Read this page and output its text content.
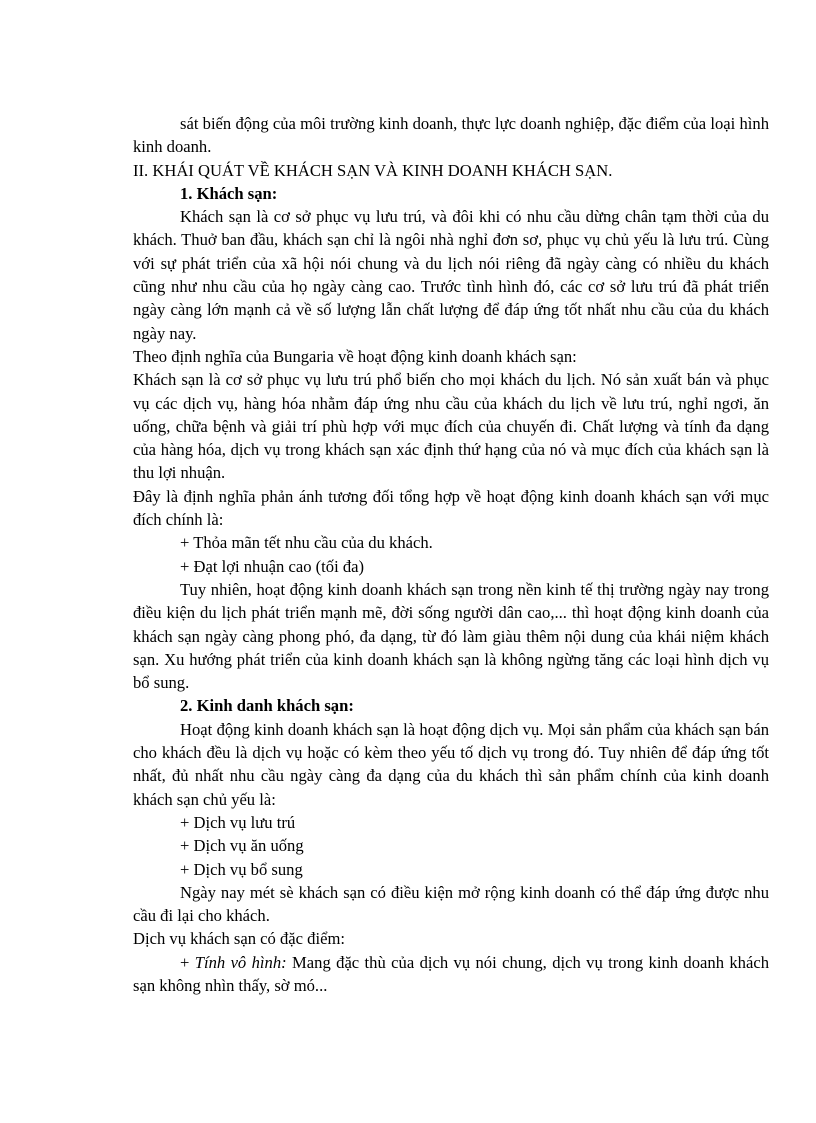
sát biến động của môi trường kinh doanh, thực lực doanh nghiệp, đặc điểm của loại hình kinh doanh.

II. KHÁI QUÁT VỀ KHÁCH SẠN VÀ KINH DOANH KHÁCH SẠN.

1. Khách sạn:

Khách sạn là cơ sở phục vụ lưu trú, và đôi khi có nhu cầu dừng chân tạm thời của du khách. Thuở ban đầu, khách sạn chỉ là ngôi nhà nghỉ đơn sơ, phục vụ chủ yếu là lưu trú. Cùng với sự phát triển của xã hội nói chung và du lịch nói riêng đã ngày càng có nhiều du khách cũng như nhu cầu của họ ngày càng cao. Trước tình hình đó, các cơ sở lưu trú đã phát triển ngày càng lớn mạnh cả về số lượng lẫn chất lượng để đáp ứng tốt nhất nhu cầu của du khách ngày nay.

Theo định nghĩa của Bungaria về hoạt động kinh doanh khách sạn:

Khách sạn là cơ sở phục vụ lưu trú phổ biến cho mọi khách du lịch. Nó sản xuất bán và phục vụ các dịch vụ, hàng hóa nhằm đáp ứng nhu cầu của khách du lịch về lưu trú, nghỉ ngơi, ăn uống, chữa bệnh và giải trí phù hợp với mục đích của chuyến đi. Chất lượng và tính đa dạng của hàng hóa, dịch vụ trong khách sạn xác định thứ hạng của nó và mục đích của khách sạn là thu lợi nhuận.

Đây là định nghĩa phản ánh tương đối tổng hợp về hoạt động kinh doanh khách sạn với mục đích chính là:

+ Thỏa mãn tết nhu cầu của du khách.

+ Đạt lợi nhuận cao (tối đa)

Tuy nhiên, hoạt động kinh doanh khách sạn trong nền kinh tế thị trường ngày nay trong điều kiện du lịch phát triển mạnh mẽ, đời sống người dân cao,... thì hoạt động kinh doanh của khách sạn ngày càng phong phó, đa dạng, từ đó làm giàu thêm nội dung của khái niệm khách sạn. Xu hướng phát triển của kinh doanh khách sạn là không ngừng tăng các loại hình dịch vụ bổ sung.

2. Kinh danh khách sạn:

Hoạt động kinh doanh khách sạn là hoạt động dịch vụ. Mọi sản phẩm của khách sạn bán cho khách đều là dịch vụ hoặc có kèm theo yếu tố dịch vụ trong đó. Tuy nhiên để đáp ứng tốt nhất, đủ nhất nhu cầu ngày càng đa dạng của du khách thì sản phẩm chính của kinh doanh khách sạn chủ yếu là:

+ Dịch vụ lưu trú

+ Dịch vụ ăn uống

+ Dịch vụ bổ sung

Ngày nay mét sè khách sạn có điều kiện mở rộng kinh doanh có thể đáp ứng được nhu cầu đi lại cho khách.

Dịch vụ khách sạn có đặc điểm:

+ Tính vô hình: Mang đặc thù của dịch vụ nói chung, dịch vụ trong kinh doanh khách sạn không nhìn thấy, sờ mó...
